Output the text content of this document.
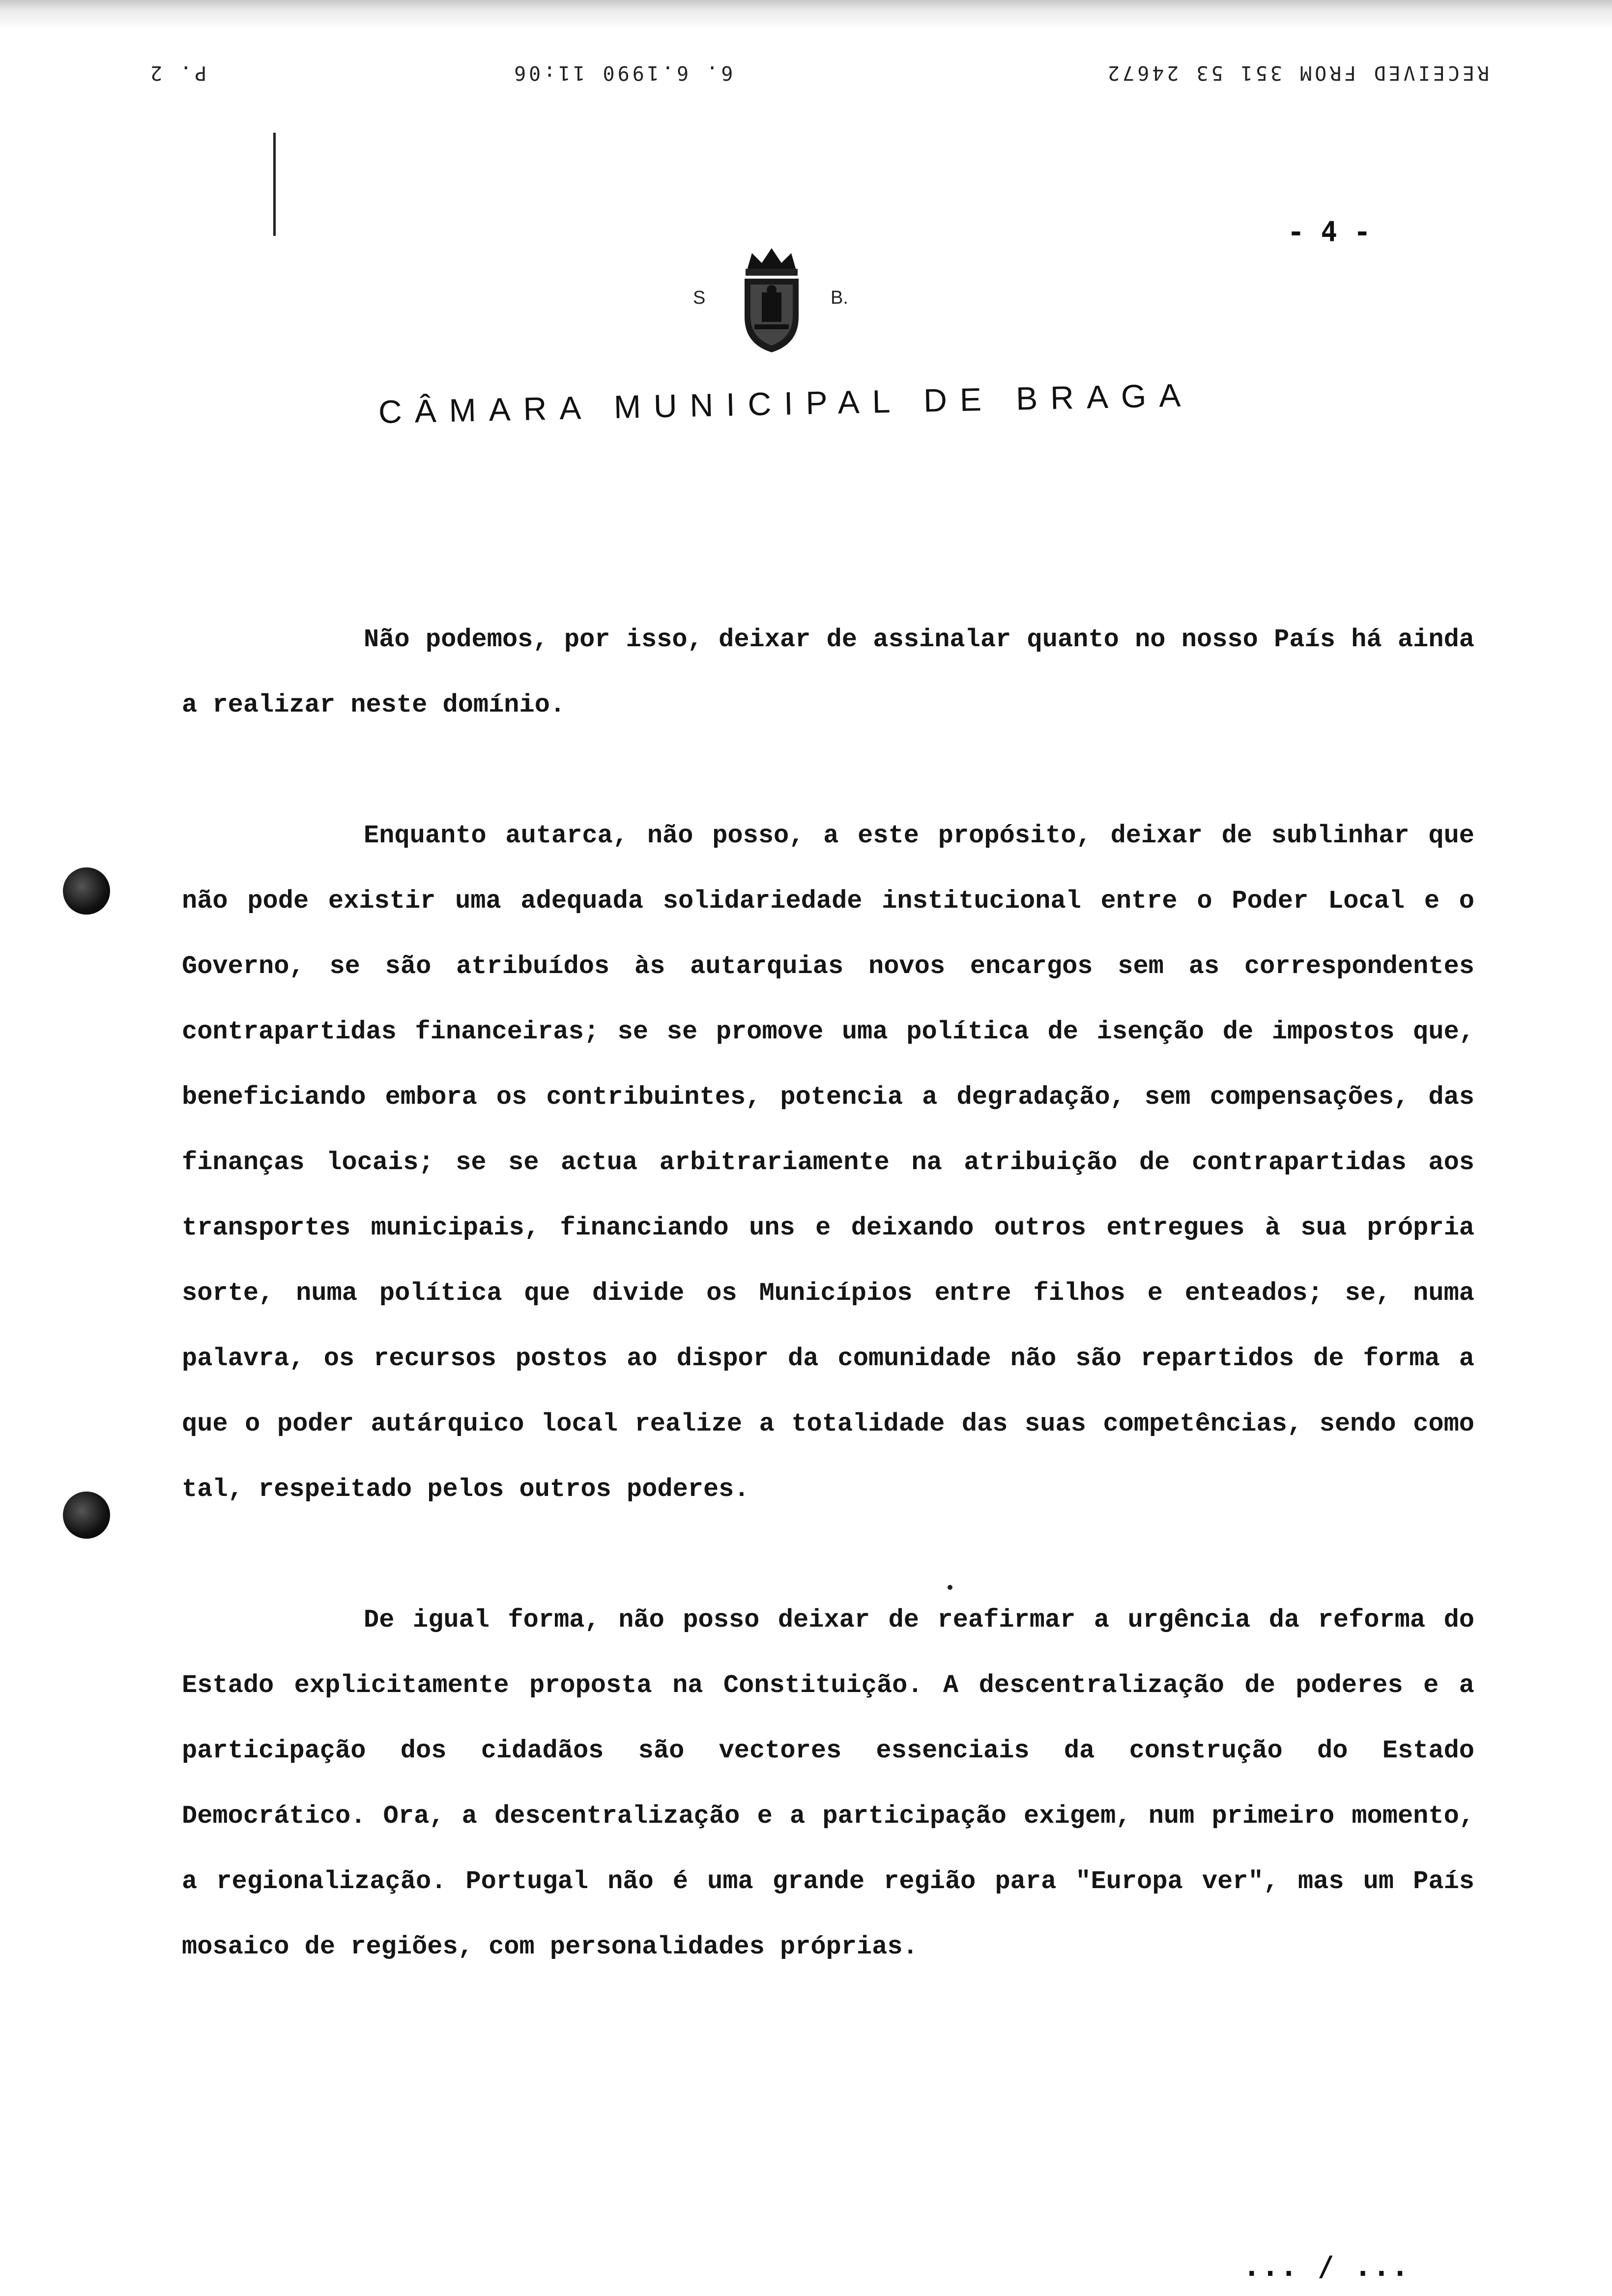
RECEIVED FROM 351 53 24672
6. 6.1990 11:06
P. 2
- 4 -
S	B.
CÂMARA MUNICIPAL DE BRAGA

Não podemos, por isso, deixar de assinalar quanto no nosso País há ainda a realizar neste domínio.

Enquanto autarca, não posso, a este propósito, deixar de sublinhar que não pode existir uma adequada solidariedade institucional entre o Poder Local e o Governo, se são atribuídos às autarquias novos encargos sem as correspondentes contrapartidas financeiras; se se promove uma política de isenção de impostos que, beneficiando embora os contribuintes, potencia a degradação, sem compensações, das finanças locais; se se actua arbitrariamente na atribuição de contrapartidas aos transportes municipais, financiando uns e deixando outros entregues à sua própria sorte, numa política que divide os Municípios entre filhos e enteados; se, numa palavra, os recursos postos ao dispor da comunidade não são repartidos de forma a que o poder autárquico local realize a totalidade das suas competências, sendo como tal, respeitado pelos outros poderes.

De igual forma, não posso deixar de reafirmar a urgência da reforma do Estado explicitamente proposta na Constituição. A descentralização de poderes e a participação dos cidadãos são vectores essenciais da construção do Estado Democrático. Ora, a descentralização e a participação exigem, num primeiro momento, a regionalização. Portugal não é uma grande região para "Europa ver", mas um País mosaico de regiões, com personalidades próprias.

... / ...
